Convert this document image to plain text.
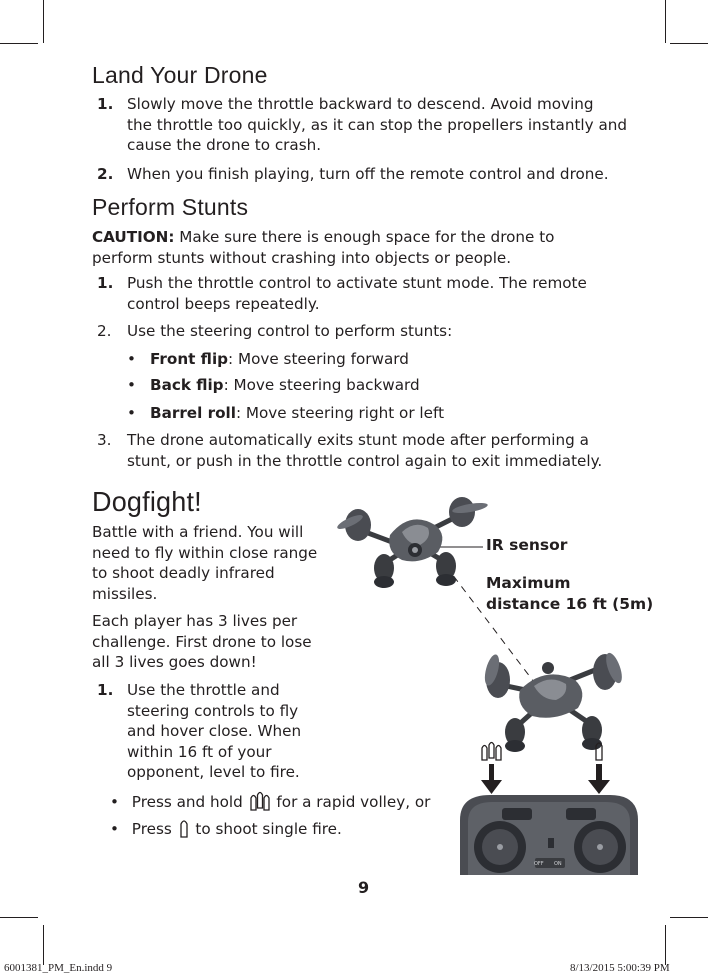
Land Your Drone
1. Slowly move the throttle backward to descend. Avoid moving
the throttle too quickly, as it can stop the propellers instantly and
cause the drone to crash.
2. When you finish playing, turn off the remote control and drone.
Perform Stunts
CAUTION: Make sure there is enough space for the drone to
perform stunts without crashing into objects or people.
1. Push the throttle control to activate stunt mode. The remote
control beeps repeatedly.
2. Use the steering control to perform stunts:
• Front flip: Move steering forward
• Back flip: Move steering backward
• Barrel roll: Move steering right or left
3. The drone automatically exits stunt mode after performing a
stunt, or push in the throttle control again to exit immediately.
Dogfight!
Battle with a friend. You will
need to fly within close range
to shoot deadly infrared
missiles.
Each player has 3 lives per
challenge. First drone to lose
all 3 lives goes down!
1. Use the throttle and
steering controls to fly
and hover close. When
within 16 ft of your
opponent, level to fire.
• Press and hold  for a rapid volley, or
• Press  to shoot single fire.
OFF ON
IR sensor
Maximum
distance 16 ft (5m)
9
6001381_PM_En.indd 9	8/13/2015 5:00:39 PM
